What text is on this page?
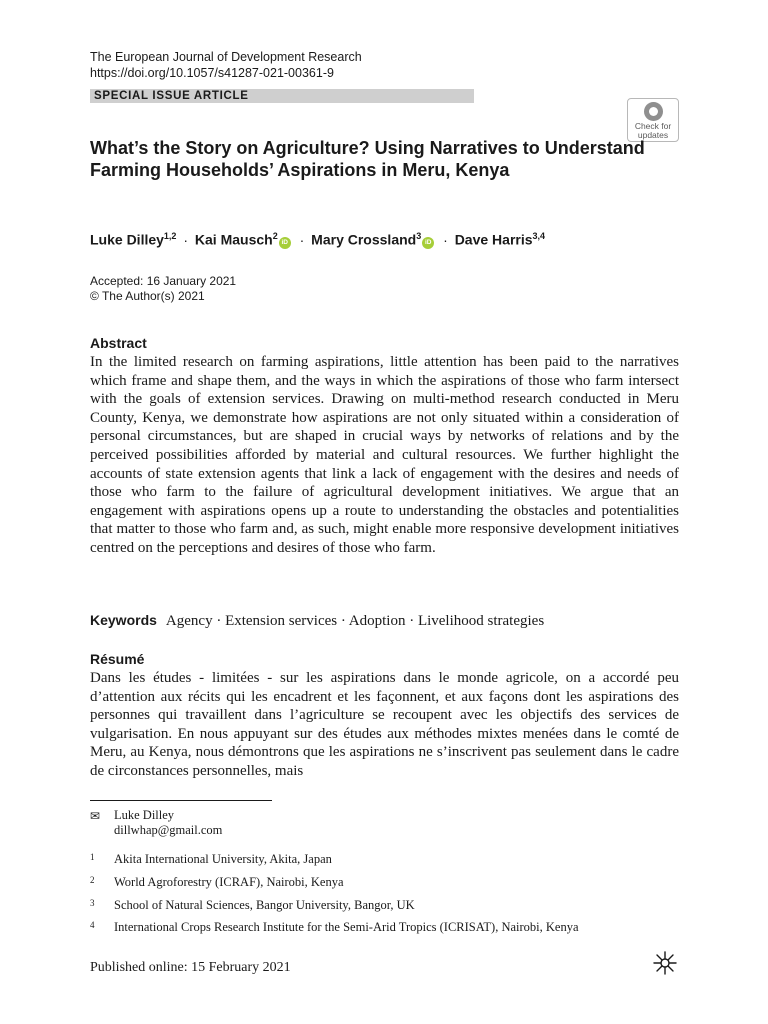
The European Journal of Development Research
https://doi.org/10.1057/s41287-021-00361-9
SPECIAL ISSUE ARTICLE
Check for
updates
What’s the Story on Agriculture? Using Narratives to Understand Farming Households’ Aspirations in Meru, Kenya
Luke Dilley$^{1,2}$ · Kai Mausch$^2$iD · Mary Crossland$^3$iD · Dave Harris$^{3,4}$
Accepted: 16 January 2021
© The Author(s) 2021
Abstract

In the limited research on farming aspirations, little attention has been paid to the narratives which frame and shape them, and the ways in which the aspirations of those who farm intersect with the goals of extension services. Drawing on multi-method research conducted in Meru County, Kenya, we demonstrate how aspirations are not only situated within a consideration of personal circumstances, but are shaped in crucial ways by networks of relations and by the perceived possibilities afforded by material and cultural resources. We further highlight the accounts of state extension agents that link a lack of engagement with the desires and needs of those who farm to the failure of agricultural development initiatives. We argue that an engagement with aspirations opens up a route to understanding the obstacles and potentialities that matter to those who farm and, as such, might enable more responsive development initiatives centred on the perceptions and desires of those who farm.

Keywords Agency · Extension services · Adoption · Livelihood strategies
Résumé

Dans les études - limitées - sur les aspirations dans le monde agricole, on a accordé peu d’attention aux récits qui les encadrent et les façonnent, et aux façons dont les aspirations des personnes qui travaillent dans l’agriculture se recoupent avec les objectifs des services de vulgarisation. En nous appuyant sur des études aux méthodes mixtes menées dans le comté de Meru, au Kenya, nous démontrons que les aspirations ne s’inscrivent pas seulement dans le cadre de circonstances personnelles, mais

✉ Luke Dilley
dillwhap@gmail.com
1 Akita International University, Akita, Japan
2 World Agroforestry (ICRAF), Nairobi, Kenya
3 School of Natural Sciences, Bangor University, Bangor, UK
4 International Crops Research Institute for the Semi-Arid Tropics (ICRISAT), Nairobi, Kenya
Published online: 15 February 2021
